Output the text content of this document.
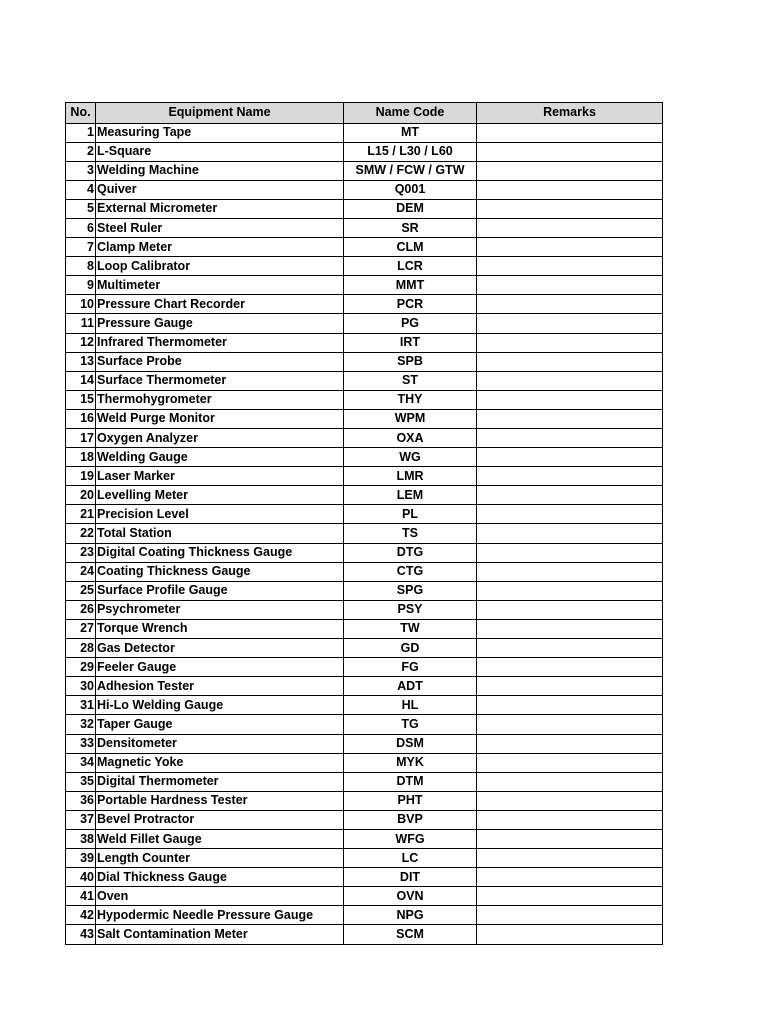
No.	Equipment Name	Name Code	Remarks
1	Measuring Tape	MT	
2	L-Square	L15 / L30 / L60	
3	Welding Machine	SMW / FCW / GTW	
4	Quiver	Q001	
5	External Micrometer	DEM	
6	Steel Ruler	SR	
7	Clamp Meter	CLM	
8	Loop Calibrator	LCR	
9	Multimeter	MMT	
10	Pressure Chart Recorder	PCR	
11	Pressure Gauge	PG	
12	Infrared Thermometer	IRT	
13	Surface Probe	SPB	
14	Surface Thermometer	ST	
15	Thermohygrometer	THY	
16	Weld Purge Monitor	WPM	
17	Oxygen Analyzer	OXA	
18	Welding Gauge	WG	
19	Laser Marker	LMR	
20	Levelling Meter	LEM	
21	Precision Level	PL	
22	Total Station	TS	
23	Digital Coating Thickness Gauge	DTG	
24	Coating Thickness Gauge	CTG	
25	Surface Profile Gauge	SPG	
26	Psychrometer	PSY	
27	Torque Wrench	TW	
28	Gas Detector	GD	
29	Feeler Gauge	FG	
30	Adhesion Tester	ADT	
31	Hi-Lo Welding Gauge	HL	
32	Taper Gauge	TG	
33	Densitometer	DSM	
34	Magnetic Yoke	MYK	
35	Digital Thermometer	DTM	
36	Portable Hardness Tester	PHT	
37	Bevel Protractor	BVP	
38	Weld Fillet Gauge	WFG	
39	Length Counter	LC	
40	Dial Thickness Gauge	DIT	
41	Oven	OVN	
42	Hypodermic Needle Pressure Gauge	NPG	
43	Salt Contamination Meter	SCM	
